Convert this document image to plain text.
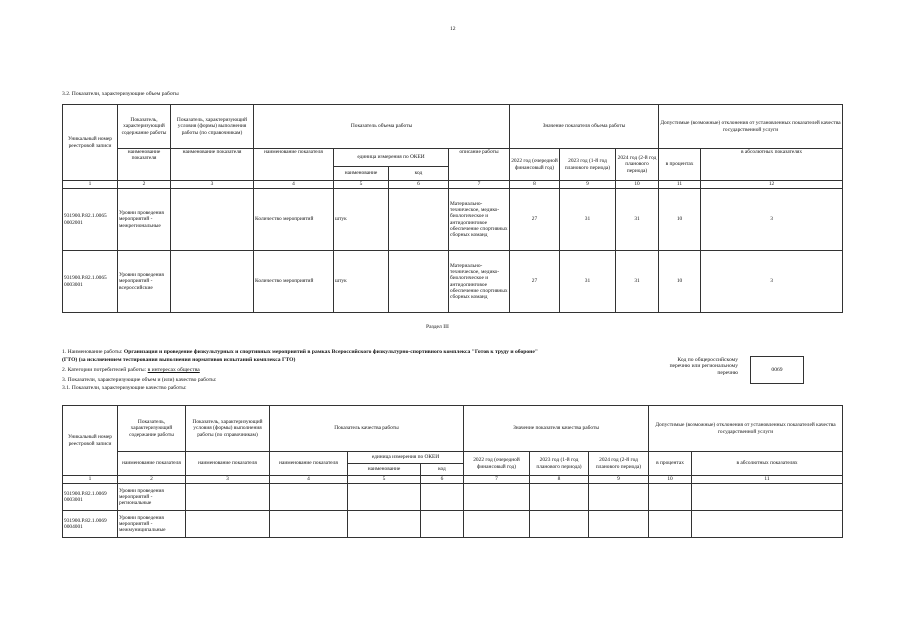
12
3.2. Показатели, характеризующие объем работы
Уникальный номер реестровой записи	Показатель, характеризующий содержание работы	Показатель, характеризующий условия (формы) выполнения работы (по справочникам)	Показатель объема работы				Значение показателя объема работы			Допустимые (возможные) отклонения от установленных показателей качества государственной услуги	
	наименование показателя	наименование показателя	наименование показателя	единица измерения по ОКЕИ		описание работы	2022 год (очередной финансовый год)	2023 год (1-й год планового периода)	2024 год (2-й год планового периода)	в процентах	в абсолютных показателях
				наименование	код						
1	2	3	4	5	6	7	8	9	10	11	12
931900.Р.82.1.0065 0002001	Уровни проведения мероприятий - межрегиональные		Количество мероприятий	штук		Материально-техническое, медико-биологическое и антидопинговое обеспечение спортивных сборных команд	27	31	31	10	3
931900.Р.82.1.0065 0003001	Уровни проведения мероприятий - всероссийские		Количество мероприятий	штук		Материально-техническое, медико-биологическое и антидопинговое обеспечение спортивных сборных команд	27	31	31	10	3
Раздел III
1. Наименование работы: Организация и проведение физкультурных и спортивных мероприятий в рамках Всероссийского физкультурно-спортивного комплекса "Готов к труду и обороне"
(ГТО) (за исключением тестирования выполнения нормативов испытаний комплекса ГТО)
2. Категории потребителей работы: в интересах общества
3. Показатели, характеризующие объем и (или) качество работы:
3.1. Показатели, характеризующие качество работы:
Код по общероссийскому
перечню или региональному
перечню	0069
Уникальный номер реестровой записи	Показатель, характеризующий содержание работы	Показатель, характеризующий условия (формы) выполнения работы (по справочникам)	Показатель качества работы			Значение показателя качества работы			Допустимые (возможные) отклонения от установленных показателей качества государственной услуги	
	наименование показателя	наименование показателя	наименование показателя	единица измерения по ОКЕИ		2022 год (очередной финансовый год)	2023 год (1-й год планового периода)	2024 год (2-й год планового периода)	в процентах	в абсолютных показателях
				наименование	код					
1	2	3	4	5	6	7	8	9	10	11
931900.Р.82.1.0069 0003001	Уровни проведения мероприятий - региональные									
931900.Р.82.1.0069 0004001	Уровни проведения мероприятий - межмуниципальные									
